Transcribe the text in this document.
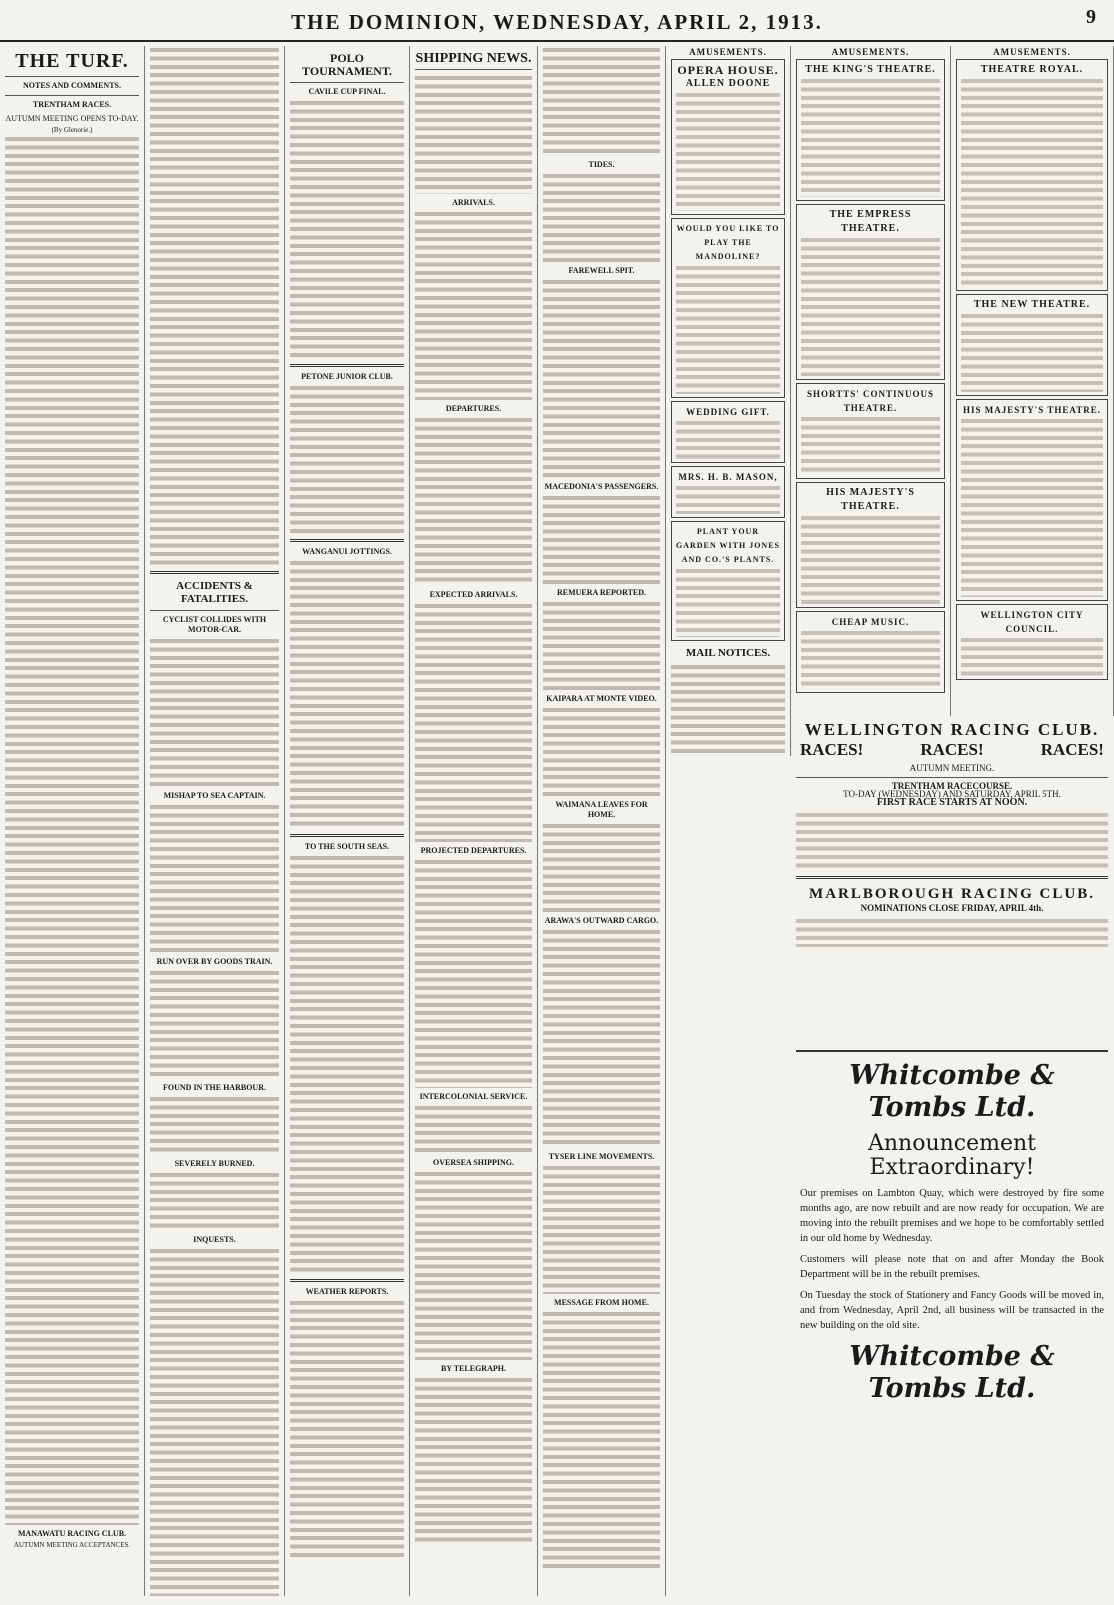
THE DOMINION, WEDNESDAY, APRIL 2, 1913.	9
THE TURF.
NOTES AND COMMENTS.
TRENTHAM RACES.
AUTUMN MEETING OPENS TO-DAY.
(By Glenorie.)
MANAWATU RACING CLUB.
AUTUMN MEETING ACCEPTANCES.
ACCIDENTS & FATALITIES.
CYCLIST COLLIDES WITH MOTOR-CAR.
MISHAP TO SEA CAPTAIN.
RUN OVER BY GOODS TRAIN.
FOUND IN THE HARBOUR.
SEVERELY BURNED.
INQUESTS.
POLO TOURNAMENT.
CAVILE CUP FINAL.
PETONE JUNIOR CLUB.
WANGANUI JOTTINGS.
TO THE SOUTH SEAS.
WEATHER REPORTS.
SHIPPING NEWS.
ARRIVALS.
DEPARTURES.
EXPECTED ARRIVALS.
PROJECTED DEPARTURES.
INTERCOLONIAL SERVICE.
OVERSEA SHIPPING.
BY TELEGRAPH.
TIDES.
FAREWELL SPIT.
MACEDONIA'S PASSENGERS.
REMUERA REPORTED.
KAIPARA AT MONTE VIDEO.
WAIMANA LEAVES FOR HOME.
ARAWA'S OUTWARD CARGO.
TYSER LINE MOVEMENTS.
MESSAGE FROM HOME.
AMUSEMENTS.
OPERA HOUSE.
ALLEN DOONE
WOULD YOU LIKE TO PLAY THE MANDOLINE?
WEDDING GIFT.
MRS. H. B. MASON,
PLANT YOUR GARDEN WITH JONES AND CO.'S PLANTS.
MAIL NOTICES.
AMUSEMENTS.
THE KING'S THEATRE.
THE EMPRESS THEATRE.
SHORTTS' CONTINUOUS THEATRE.
HIS MAJESTY'S THEATRE.
CHEAP MUSIC.
AMUSEMENTS.
THEATRE ROYAL.
THE NEW THEATRE.
HIS MAJESTY'S THEATRE.
WELLINGTON CITY COUNCIL.
WELLINGTON RACING CLUB.
RACES!	RACES!	RACES!
AUTUMN MEETING.
TRENTHAM RACECOURSE.
TO-DAY (WEDNESDAY) AND SATURDAY, APRIL 5TH.
FIRST RACE STARTS AT NOON.
MARLBOROUGH RACING CLUB.
NOMINATIONS CLOSE FRIDAY, APRIL 4th.
Whitcombe & Tombs Ltd.
Announcement Extraordinary!
Our premises on Lambton Quay, which were destroyed by fire some months ago, are now rebuilt and are now ready for occupation. We are moving into the rebuilt premises and we hope to be comfortably settled in our old home by Wednesday.
Customers will please note that on and after Monday the Book Department will be in the rebuilt premises.
On Tuesday the stock of Stationery and Fancy Goods will be moved in, and from Wednesday, April 2nd, all business will be transacted in the new building on the old site.
Whitcombe & Tombs Ltd.
